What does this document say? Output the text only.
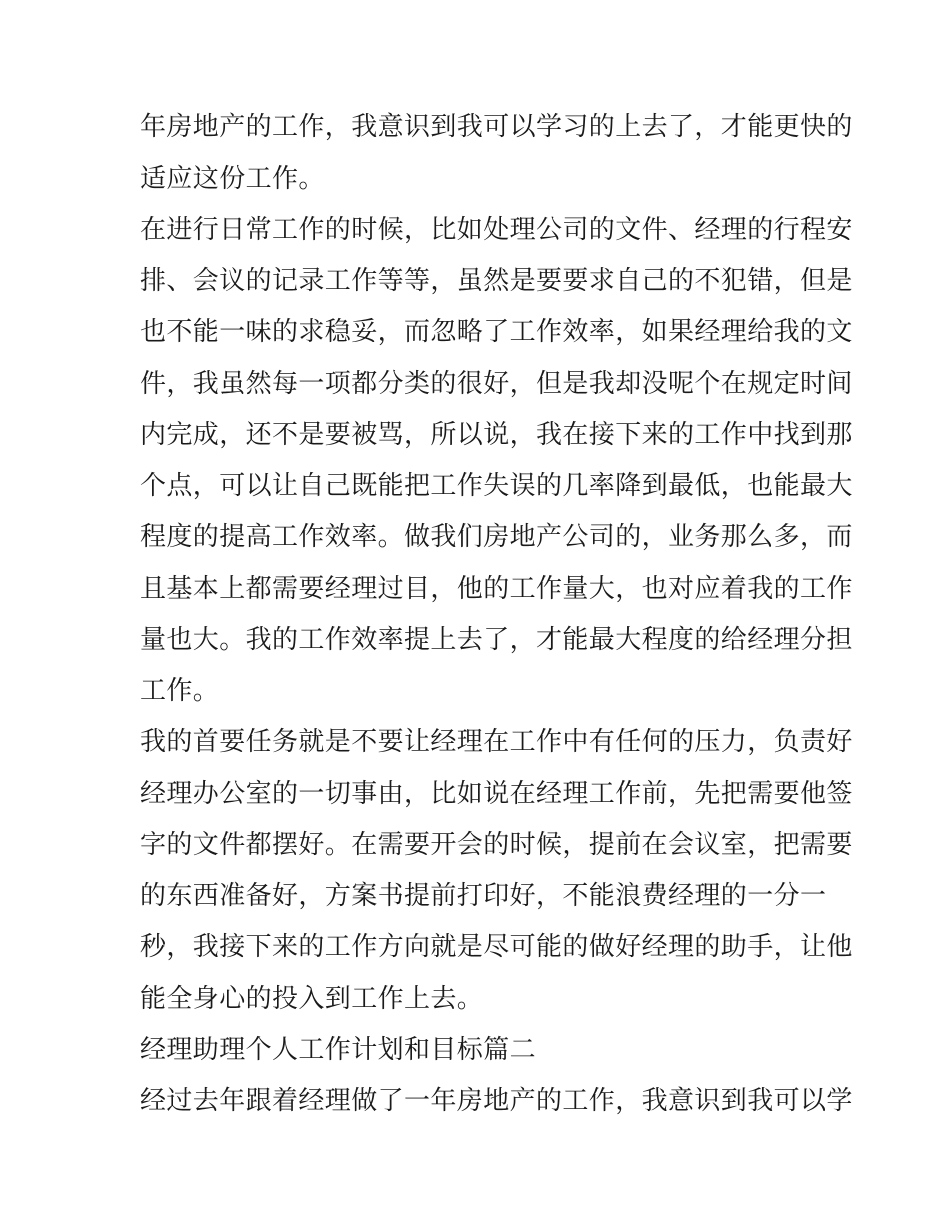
年房地产的工作，我意识到我可以学习的上去了，才能更快的
适应这份工作。
在进行日常工作的时候，比如处理公司的文件、经理的行程安
排、会议的记录工作等等，虽然是要要求自己的不犯错，但是
也不能一味的求稳妥，而忽略了工作效率，如果经理给我的文
件，我虽然每一项都分类的很好，但是我却没呢个在规定时间
内完成，还不是要被骂，所以说，我在接下来的工作中找到那
个点，可以让自己既能把工作失误的几率降到最低，也能最大
程度的提高工作效率。做我们房地产公司的，业务那么多，而
且基本上都需要经理过目，他的工作量大，也对应着我的工作
量也大。我的工作效率提上去了，才能最大程度的给经理分担
工作。
我的首要任务就是不要让经理在工作中有任何的压力，负责好
经理办公室的一切事由，比如说在经理工作前，先把需要他签
字的文件都摆好。在需要开会的时候，提前在会议室，把需要
的东西准备好，方案书提前打印好，不能浪费经理的一分一
秒，我接下来的工作方向就是尽可能的做好经理的助手，让他
能全身心的投入到工作上去。
经理助理个人工作计划和目标篇二
经过去年跟着经理做了一年房地产的工作，我意识到我可以学
